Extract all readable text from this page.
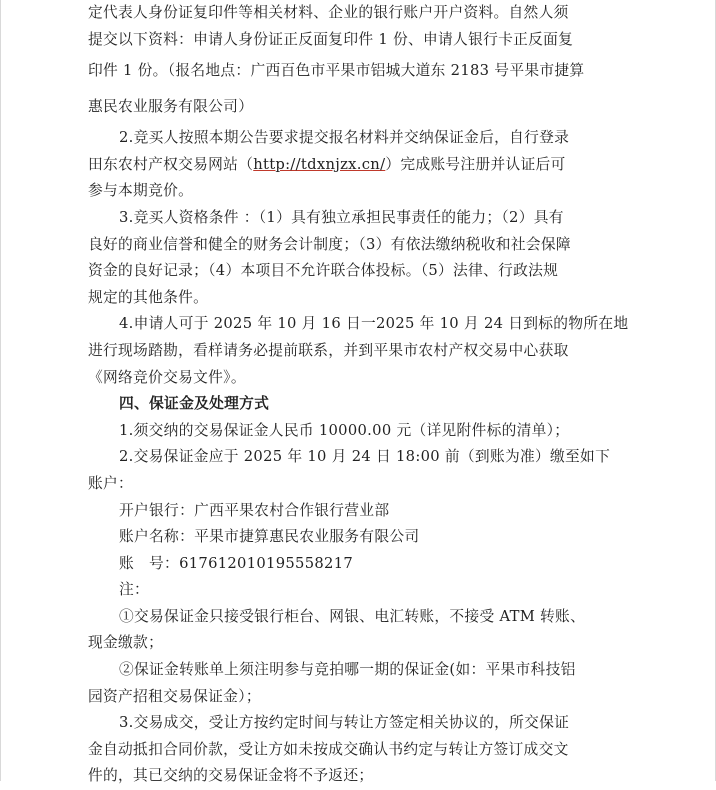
定代表人身份证复印件等相关材料、企业的银行账户开户资料。自然人须
提交以下资料：申请人身份证正反面复印件 1 份、申请人银行卡正反面复
印件 1 份。（报名地点：广西百色市平果市铝城大道东 2183 号平果市捷算
惠民农业服务有限公司）
2.竞买人按照本期公告要求提交报名材料并交纳保证金后，自行登录
田东农村产权交易网站（http://tdxnjzx.cn/）完成账号注册并认证后可
参与本期竞价。
3.竞买人资格条件 ：（1）具有独立承担民事责任的能力；（2）具有
良好的商业信誉和健全的财务会计制度；（3）有依法缴纳税收和社会保障
资金的良好记录；（4）本项目不允许联合体投标。（5）法律、行政法规
规定的其他条件。
4.申请人可于 2025 年 10 月 16 日一2025 年 10 月 24 日到标的物所在地
进行现场踏勘，看样请务必提前联系，并到平果市农村产权交易中心获取
《网络竞价交易文件》。
四、保证金及处理方式
1.须交纳的交易保证金人民币 10000.00 元（详见附件标的清单）；
2.交易保证金应于 2025 年 10 月 24 日 18:00 前（到账为准）缴至如下
账户：
开户银行：广西平果农村合作银行营业部
账户名称：平果市捷算惠民农业服务有限公司
账　号：617612010195558217
注：
①交易保证金只接受银行柜台、网银、电汇转账，不接受 ATM 转账、
现金缴款；
②保证金转账单上须注明参与竞拍哪一期的保证金(如：平果市科技铝
园资产招租交易保证金）；
3.交易成交，受让方按约定时间与转让方签定相关协议的，所交保证
金自动抵扣合同价款，受让方如未按成交确认书约定与转让方签订成交文
件的，其已交纳的交易保证金将不予返还；
